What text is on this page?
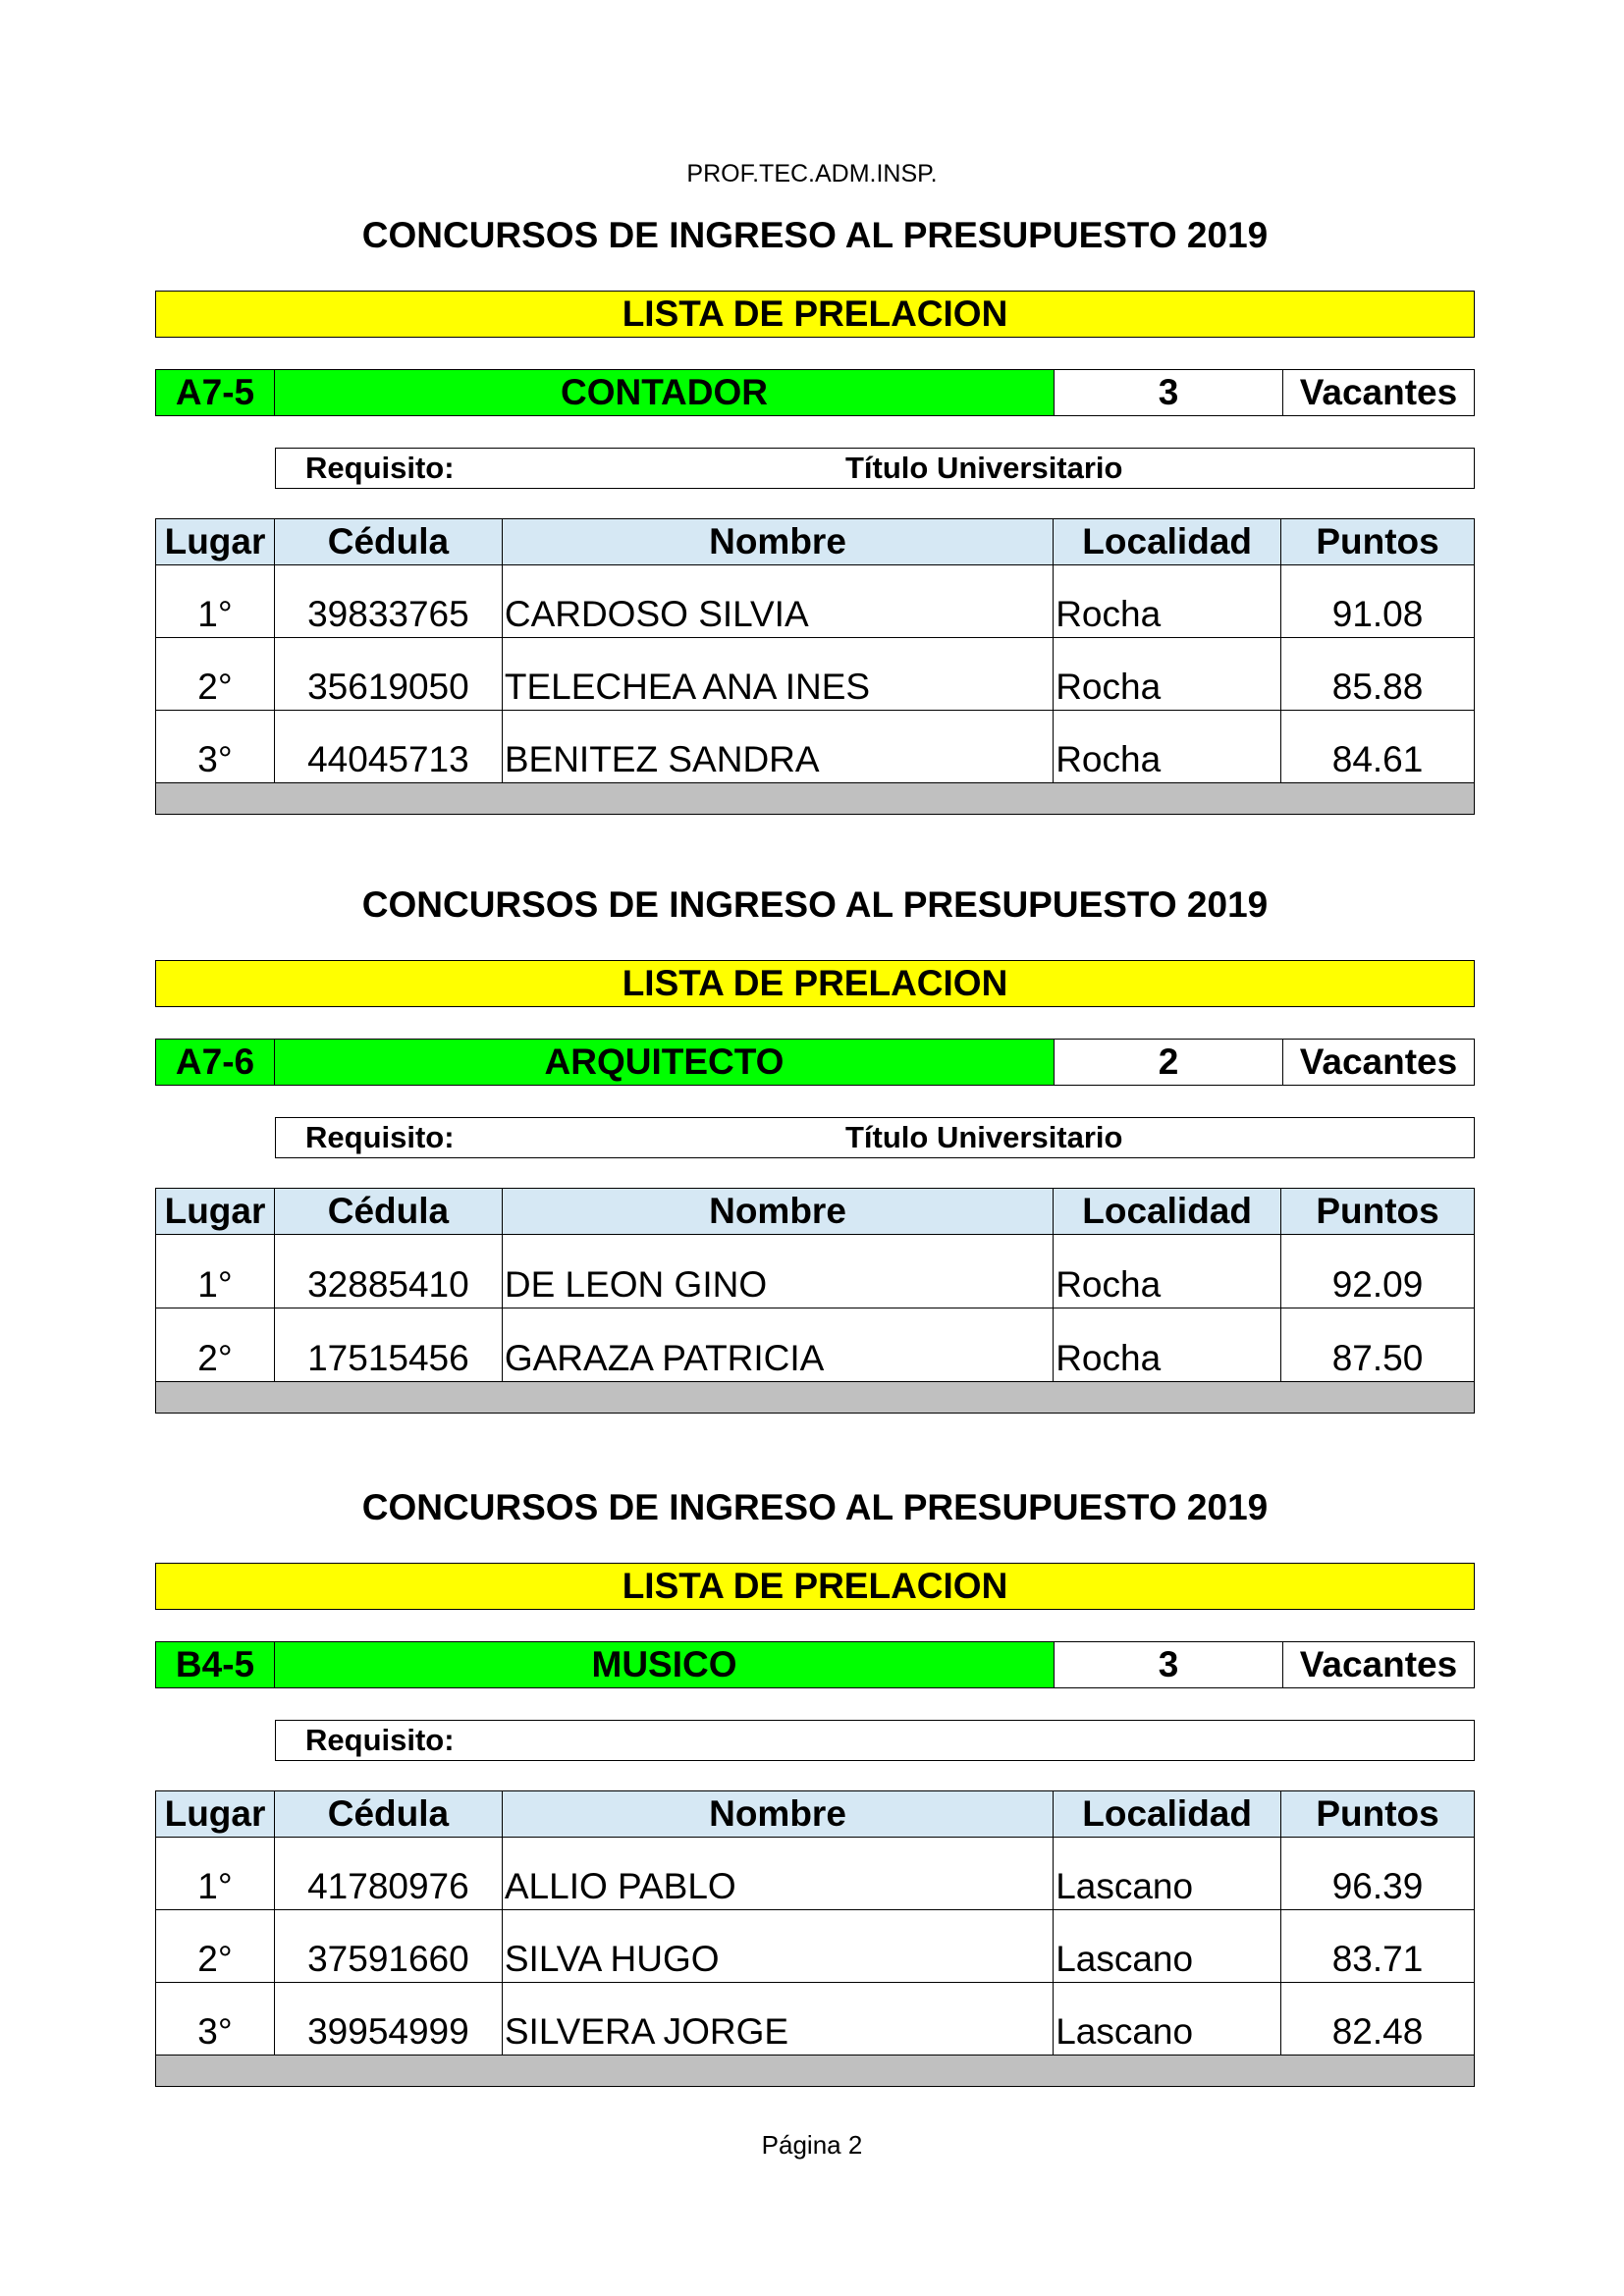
PROF.TEC.ADM.INSP.
CONCURSOS DE INGRESO AL PRESUPUESTO 2019
LISTA DE PRELACION
A7-5	CONTADOR	3	Vacantes
Requisito:	Título Universitario
Lugar	Cédula	Nombre	Localidad	Puntos
1°	39833765	CARDOSO SILVIA	Rocha	91.08
2°	35619050	TELECHEA ANA INES	Rocha	85.88
3°	44045713	BENITEZ SANDRA	Rocha	84.61

CONCURSOS DE INGRESO AL PRESUPUESTO 2019
LISTA DE PRELACION
A7-6	ARQUITECTO	2	Vacantes
Requisito:	Título Universitario
Lugar	Cédula	Nombre	Localidad	Puntos
1°	32885410	DE LEON GINO	Rocha	92.09
2°	17515456	GARAZA PATRICIA	Rocha	87.50

CONCURSOS DE INGRESO AL PRESUPUESTO 2019
LISTA DE PRELACION
B4-5	MUSICO	3	Vacantes
Requisito:
Lugar	Cédula	Nombre	Localidad	Puntos
1°	41780976	ALLIO PABLO	Lascano	96.39
2°	37591660	SILVA HUGO	Lascano	83.71
3°	39954999	SILVERA JORGE	Lascano	82.48

Página 2
